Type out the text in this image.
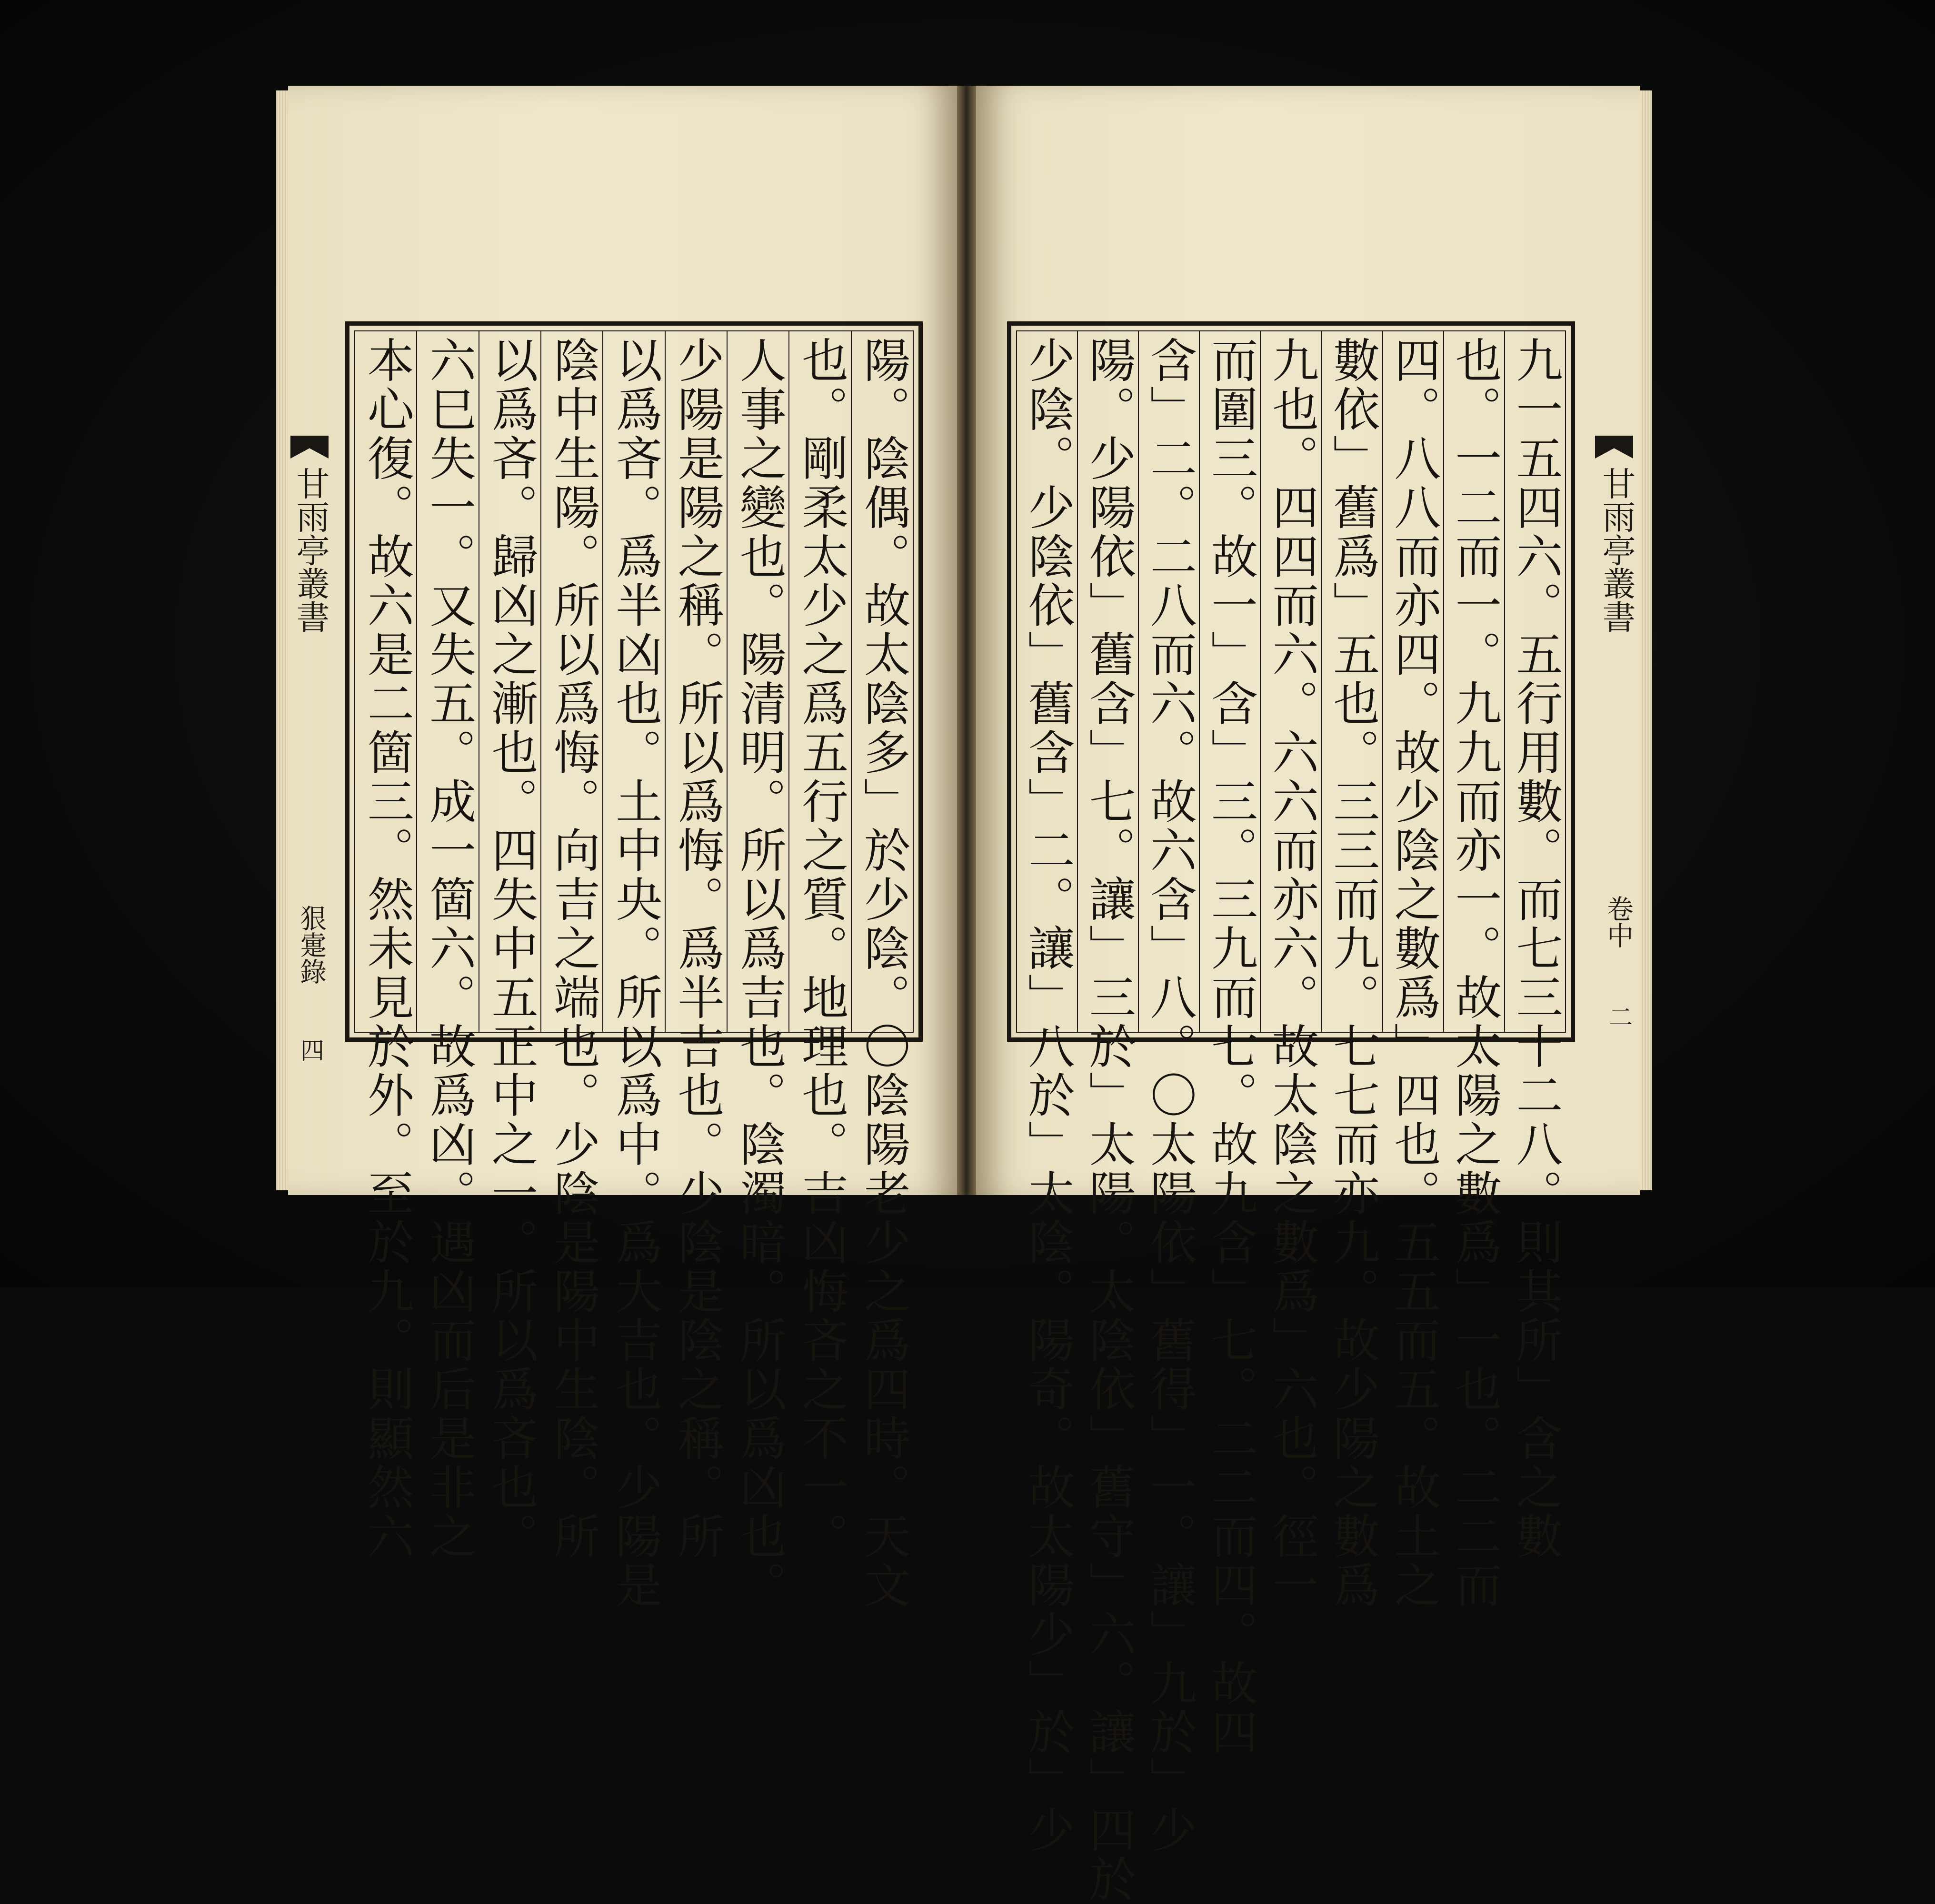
甘雨亭叢書
狠疐錄
四	陽。陰偶。故太陰多」於少陰。〇陰陽老少之爲四時。天文
也。剛柔太少之爲五行之質。地理也。吉凶悔吝之不一。
人事之變也。陽清明。所以爲吉也。陰濁暗。所以爲凶也。
少陽是陽之稱。所以爲悔。爲半吉也。少陰是陰之稱。所
以爲吝。爲半凶也。土中央。所以爲中。爲大吉也。少陽是
陰中生陽。所以爲悔。向吉之端也。少陰是陽中生陰。所
以爲吝。歸凶之漸也。四失中五正中之一。所以爲吝也。
六巳失一。又失五。成一箇六。故爲凶。遇凶而后是非之
本心復。故六是二箇三。然未見於外。至於九。則顯然六	甘雨亭叢書
卷中
二
九一五四六。五行用數。而七三十二八。則其所」含之數
也。一二而一。九九而亦一。故太陽之數爲」一也。二二而
四。八八而亦四。故少陰之數爲」四也。五五而五。故土之
數依」舊爲」五也。三三而九。七七而亦九。故少陽之數爲
九也。四四而六。六六而亦六。故太陰之數爲」六也。徑一
而圍三。故一」含」三。三九而七。故九含」七。二二而四。故四
含」二。二八而六。故六含」八。〇太陽依」舊得」一。讓」九於」少
陽。少陽依」舊含」七。讓」三於」太陽。太陰依」舊守」六。讓」四於
少陰。少陰依」舊含」二。讓」八於」太陰。陽奇。故太陽少」於」少
